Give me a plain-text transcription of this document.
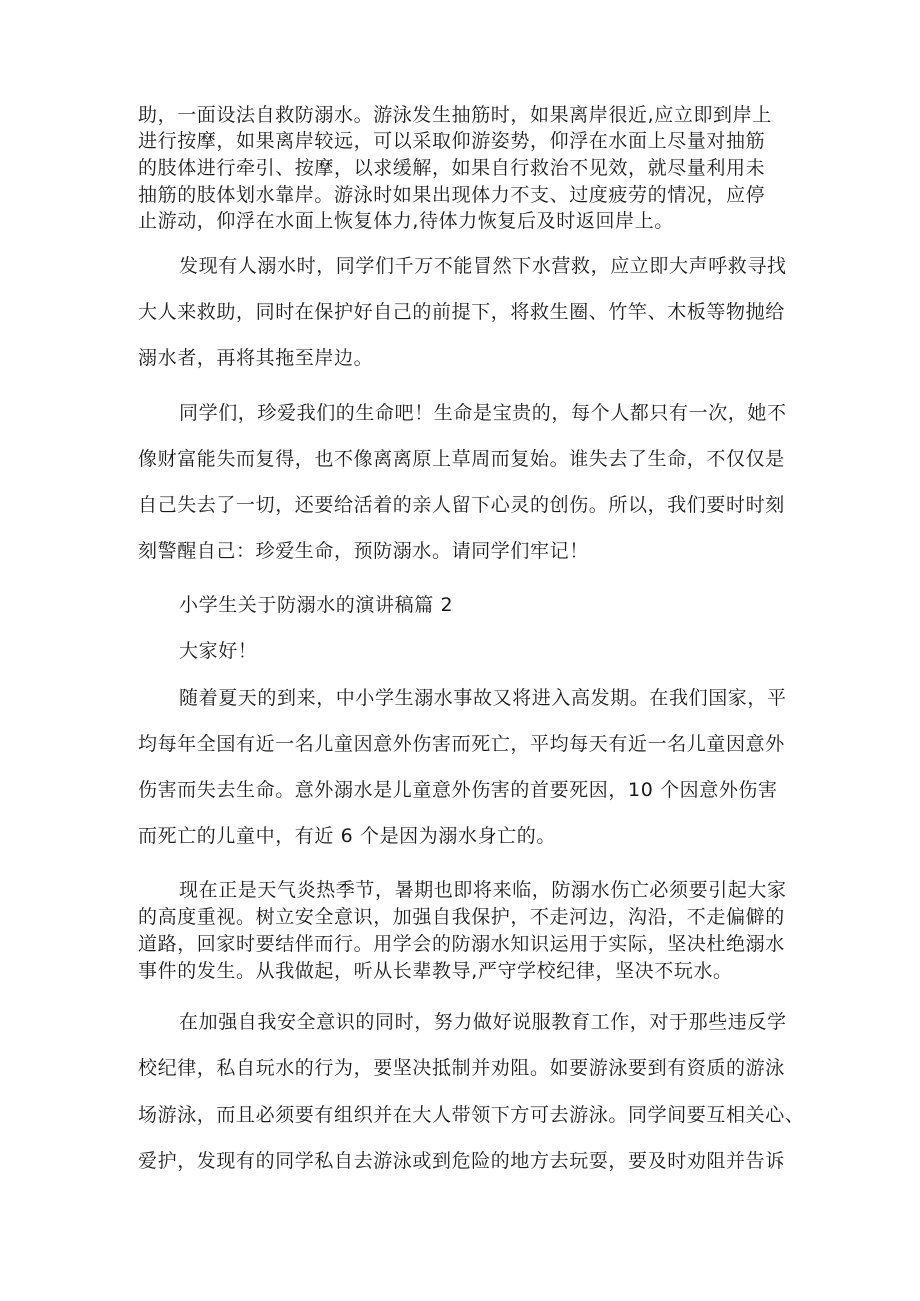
助，一面设法自救防溺水。游泳发生抽筋时，如果离岸很近,应立即到岸上
进行按摩，如果离岸较远，可以采取仰游姿势，仰浮在水面上尽量对抽筋
的肢体进行牵引、按摩，以求缓解，如果自行救治不见效，就尽量利用未
抽筋的肢体划水靠岸。游泳时如果出现体力不支、过度疲劳的情况，应停
止游动，仰浮在水面上恢复体力,待体力恢复后及时返回岸上。
发现有人溺水时，同学们千万不能冒然下水营救，应立即大声呼救寻找
大人来救助，同时在保护好自己的前提下，将救生圈、竹竿、木板等物抛给
溺水者，再将其拖至岸边。
同学们，珍爱我们的生命吧！生命是宝贵的，每个人都只有一次，她不
像财富能失而复得，也不像离离原上草周而复始。谁失去了生命，不仅仅是
自己失去了一切，还要给活着的亲人留下心灵的创伤。所以，我们要时时刻
刻警醒自己：珍爱生命，预防溺水。请同学们牢记！
小学生关于防溺水的演讲稿篇 2
大家好！
随着夏天的到来，中小学生溺水事故又将进入高发期。在我们国家，平
均每年全国有近一名儿童因意外伤害而死亡，平均每天有近一名儿童因意外
伤害而失去生命。意外溺水是儿童意外伤害的首要死因，10 个因意外伤害
而死亡的儿童中，有近 6 个是因为溺水身亡的。
现在正是天气炎热季节，暑期也即将来临，防溺水伤亡必须要引起大家
的高度重视。树立安全意识，加强自我保护，不走河边，沟沿，不走偏僻的
道路，回家时要结伴而行。用学会的防溺水知识运用于实际，坚决杜绝溺水
事件的发生。从我做起，听从长辈教导,严守学校纪律，坚决不玩水。
在加强自我安全意识的同时，努力做好说服教育工作，对于那些违反学
校纪律，私自玩水的行为，要坚决抵制并劝阻。如要游泳要到有资质的游泳
场游泳，而且必须要有组织并在大人带领下方可去游泳。同学间要互相关心、
爱护，发现有的同学私自去游泳或到危险的地方去玩耍，要及时劝阻并告诉
